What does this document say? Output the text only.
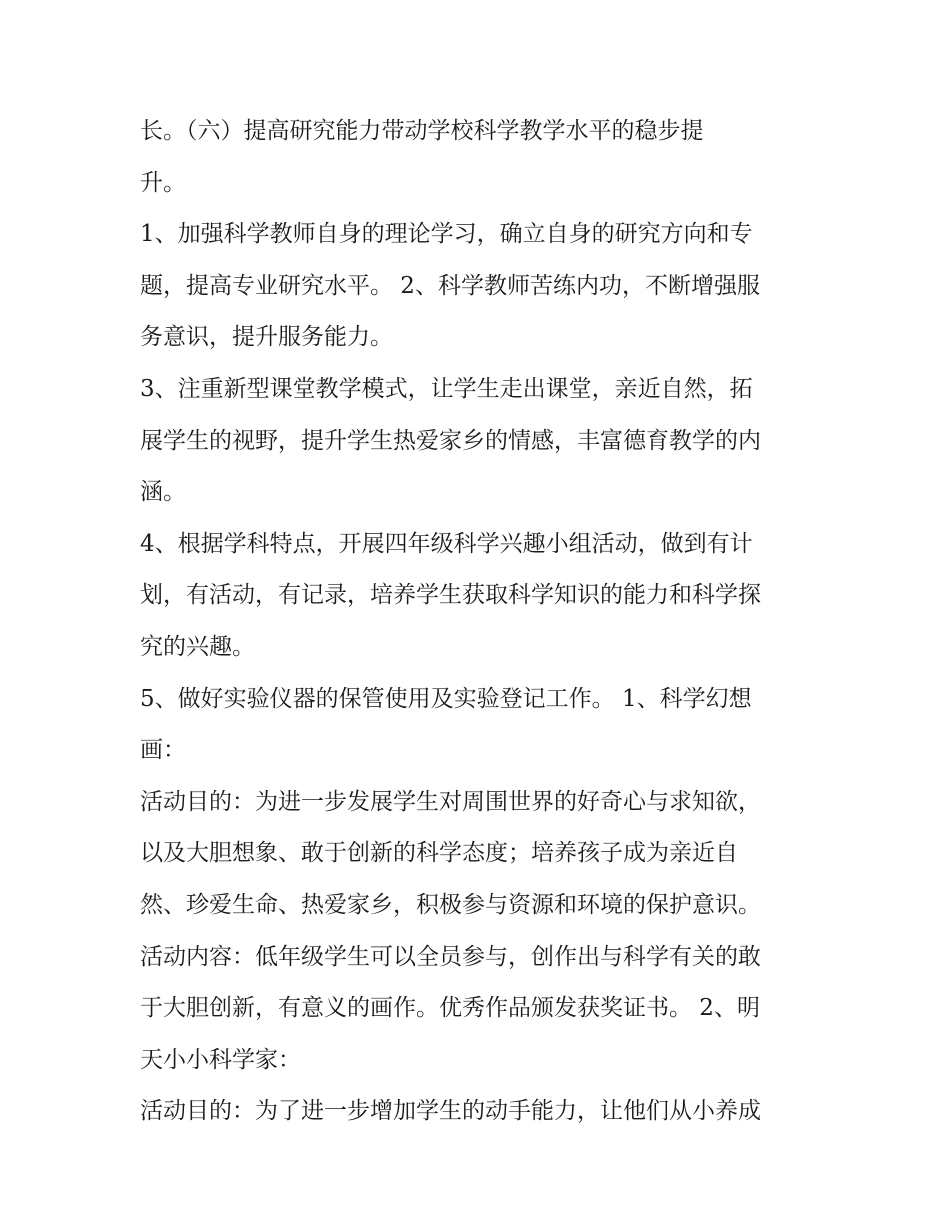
长。（六）提高研究能力带动学校科学教学水平的稳步提
升。
1、加强科学教师自身的理论学习，确立自身的研究方向和专
题，提高专业研究水平。 2、科学教师苦练内功，不断增强服
务意识，提升服务能力。
3、注重新型课堂教学模式，让学生走出课堂，亲近自然，拓
展学生的视野，提升学生热爱家乡的情感，丰富德育教学的内
涵。
4、根据学科特点，开展四年级科学兴趣小组活动，做到有计
划，有活动，有记录，培养学生获取科学知识的能力和科学探
究的兴趣。
5、做好实验仪器的保管使用及实验登记工作。 1、科学幻想
画：
活动目的：为进一步发展学生对周围世界的好奇心与求知欲，
以及大胆想象、敢于创新的科学态度；培养孩子成为亲近自
然、珍爱生命、热爱家乡，积极参与资源和环境的保护意识。
活动内容：低年级学生可以全员参与，创作出与科学有关的敢
于大胆创新，有意义的画作。优秀作品颁发获奖证书。 2、明
天小小科学家：
活动目的：为了进一步增加学生的动手能力，让他们从小养成
